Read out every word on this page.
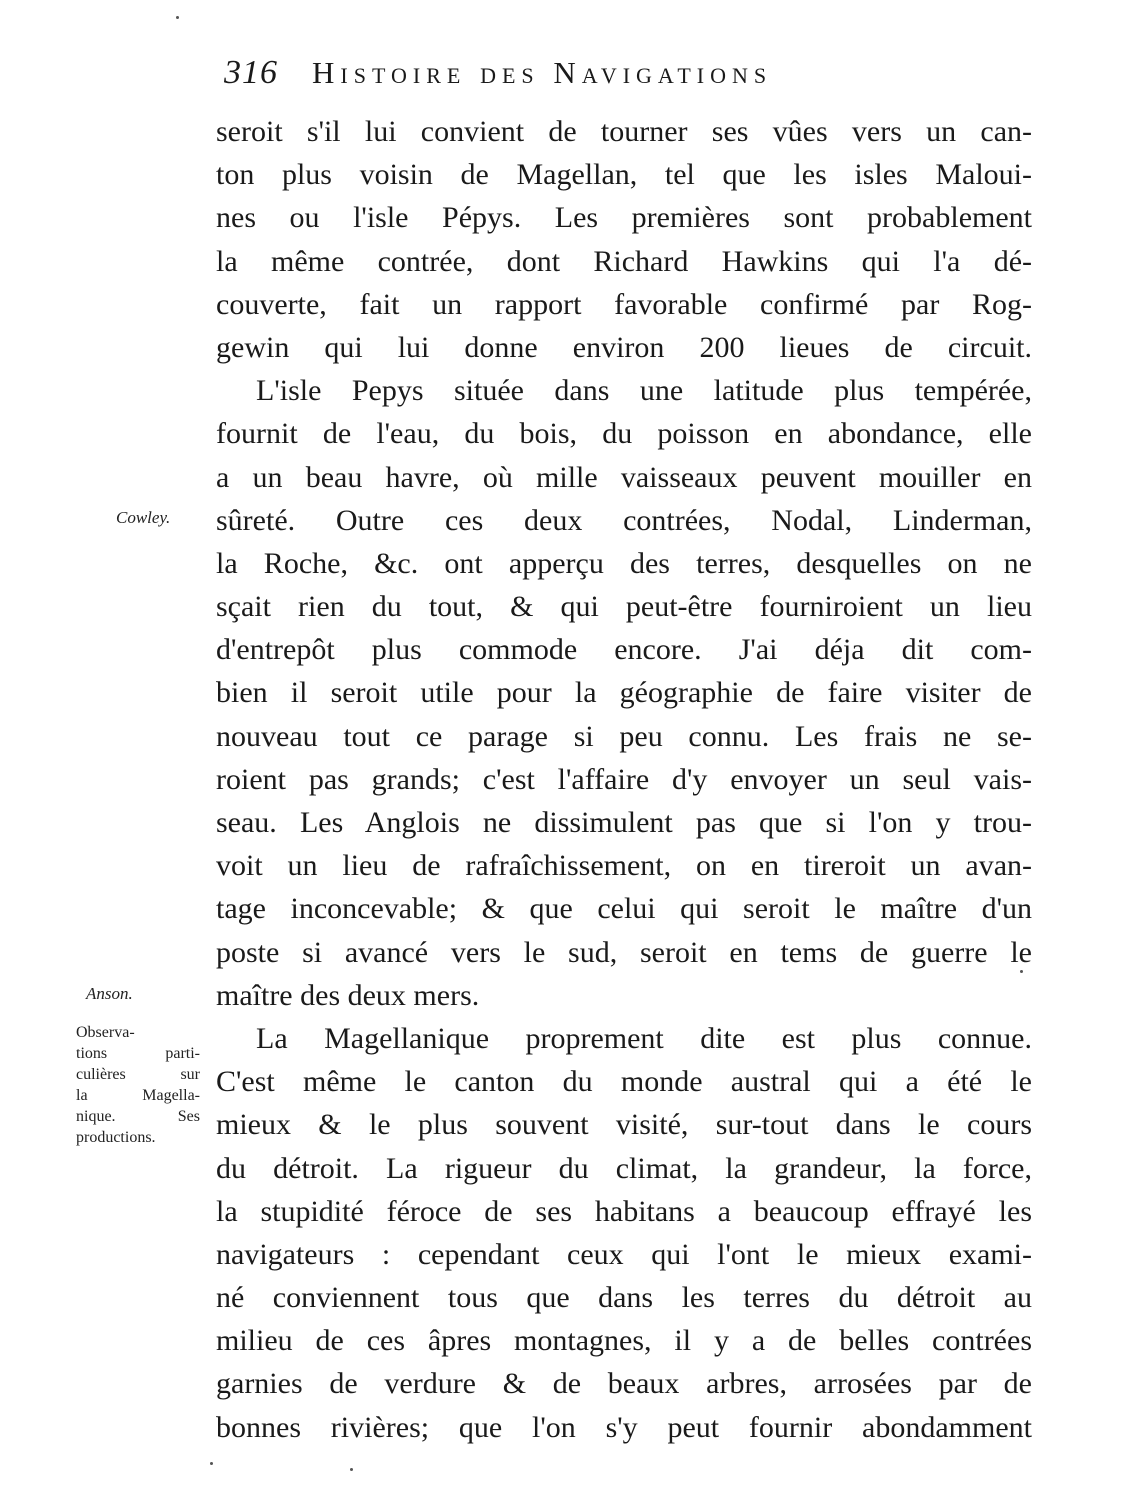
316 Histoire des Navigations
seroit s'il lui convient de tourner ses vûes vers un can-
ton plus voisin de Magellan, tel que les isles Maloui-
nes ou l'isle Pépys. Les premières sont probablement
la même contrée, dont Richard Hawkins qui l'a dé-
couverte, fait un rapport favorable confirmé par Rog-
gewin qui lui donne environ 200 lieues de circuit.
L'isle Pepys située dans une latitude plus tempérée,
fournit de l'eau, du bois, du poisson en abondance, elle
a un beau havre, où mille vaisseaux peuvent mouiller en
sûreté. Outre ces deux contrées, Nodal, Linderman,
la Roche, &c. ont apperçu des terres, desquelles on ne
sçait rien du tout, & qui peut-être fourniroient un lieu
d'entrepôt plus commode encore. J'ai déja dit com-
bien il seroit utile pour la géographie de faire visiter de
nouveau tout ce parage si peu connu. Les frais ne se-
roient pas grands; c'est l'affaire d'y envoyer un seul vais-
seau. Les Anglois ne dissimulent pas que si l'on y trou-
voit un lieu de rafraîchissement, on en tireroit un avan-
tage inconcevable; & que celui qui seroit le maître d'un
poste si avancé vers le sud, seroit en tems de guerre le
maître des deux mers.
La Magellanique proprement dite est plus connue.
C'est même le canton du monde austral qui a été le
mieux & le plus souvent visité, sur-tout dans le cours
du détroit. La rigueur du climat, la grandeur, la force,
la stupidité féroce de ses habitans a beaucoup effrayé les
navigateurs : cependant ceux qui l'ont le mieux exami-
né conviennent tous que dans les terres du détroit au
milieu de ces âpres montagnes, il y a de belles contrées
garnies de verdure & de beaux arbres, arrosées par de
bonnes rivières; que l'on s'y peut fournir abondamment
Cowley.
Anson.
Observa-
tions parti-
culières sur
la Magella-
nique. Ses
productions.
